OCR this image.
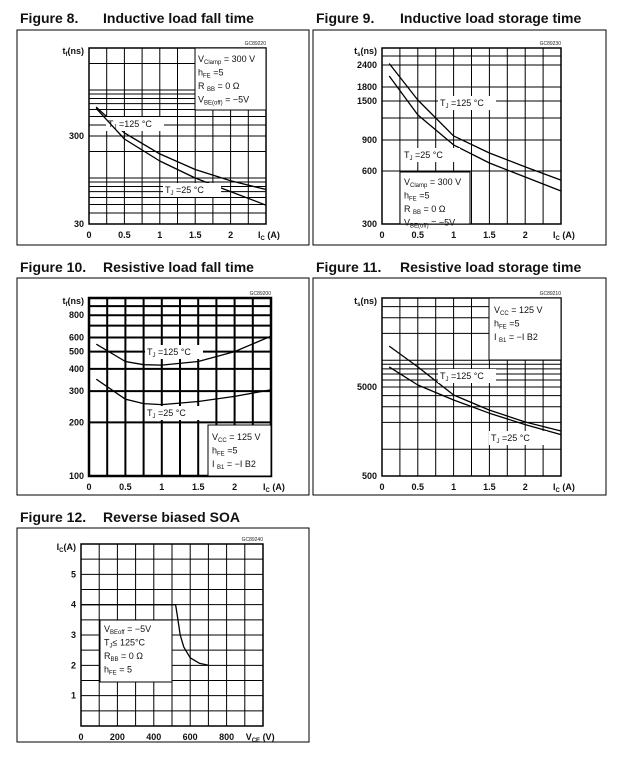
Figure 8. Inductive load fall time
GC89220
$V_{Clamp} = 300$ V
$h_{FE} =5$
R $_{BB}$ = 0 Ω
$V_{BE(off)} = -5V$
0	0.5	1	1.5	2
30
300
$I_C$ (A)
$t_f(ns)$
$T_J =125$ °C
$T_J =25$ °C
Figure 9. Inductive load storage time
GC89230
$V_{Clamp} = 300$ V
$h_{FE} =5$
R $_{BB}$ = 0 Ω
$V_{BE(off)} = -5V$
0	0.5	1	1.5	2
300
600
900
1500
1800
2400
$I_C$ (A)
$t_s(ns)$
$T_J =125$ °C
$T_J =25$ °C
Figure 10. Resistive load fall time
GC89200
$V_{CC} = 125$ V
$h_{FE} =5$
I $_{B1}$ = −I B2
0	0.5	1	1.5	2
100
200
300
400
500
600
800
$I_C$ (A)
$t_f(ns)$
$T_J =125$ °C
$T_J =25$ °C
Figure 11. Resistive load storage time
GC89210
$V_{CC} = 125$ V
$h_{FE} =5$
I $_{B1}$ = −I B2
0	0.5	1	1.5	2
500
5000
$I_C$ (A)
$t_s(ns)$
$T_J =125$ °C
$T_J =25$ °C
Figure 12. Reverse biased SOA
GC89240
$V_{BEoff} = -5V$
$T_J\le 125^\circ C$
$R_{BB} = 0$ Ω
$h_{FE} = 5$
0	200 400 600 800
1
2
3
4
5
$V_{CE}$ (V)
$I_C(A)$
